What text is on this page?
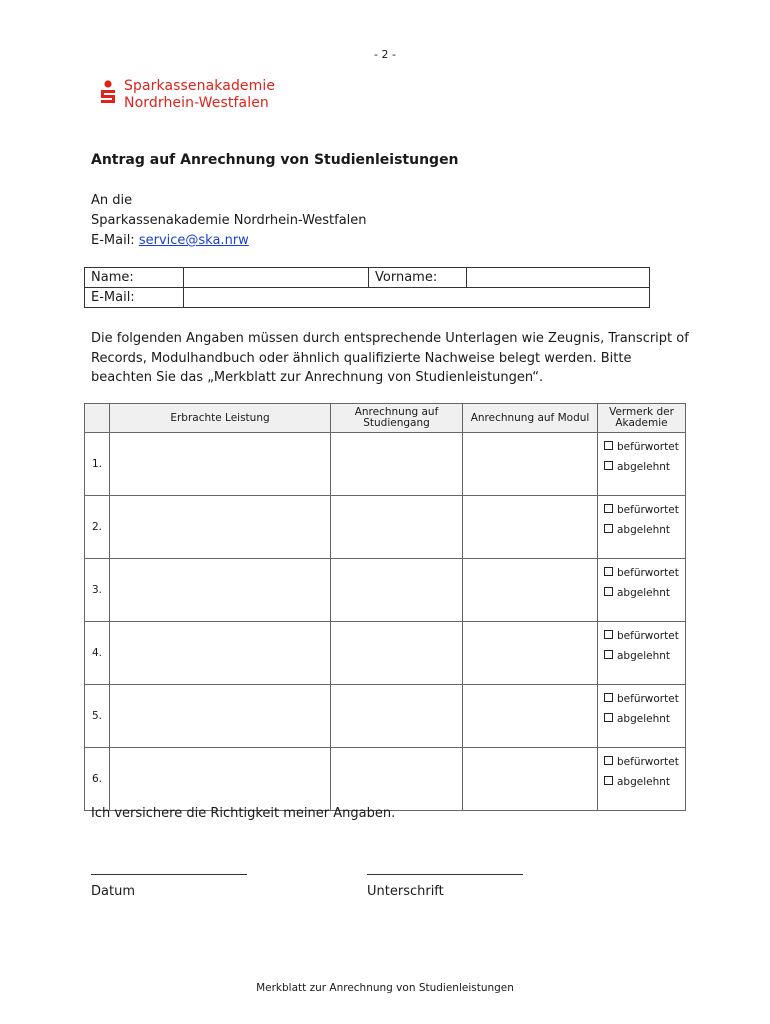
- 2 -
Sparkassenakademie
Nordrhein-Westfalen
Antrag auf Anrechnung von Studienleistungen
An die
Sparkassenakademie Nordrhein-Westfalen
E-Mail: service@ska.nrw
Name:		Vorname:	
E-Mail:			
Die folgenden Angaben müssen durch entsprechende Unterlagen wie Zeugnis, Transcript of Records, Modulhandbuch oder ähnlich qualifizierte Nachweise belegt werden. Bitte beachten Sie das „Merkblatt zur Anrechnung von Studienleistungen“.
	Erbrachte Leistung	Anrechnung auf Studiengang	Anrechnung auf Modul	Vermerk der Akademie
1.				befürwortet
abgelehnt

2.				befürwortet
abgelehnt

3.				befürwortet
abgelehnt

4.				befürwortet
abgelehnt

5.				befürwortet
abgelehnt

6.				befürwortet
abgelehnt
Ich versichere die Richtigkeit meiner Angaben.
Datum	Unterschrift
Merkblatt zur Anrechnung von Studienleistungen
